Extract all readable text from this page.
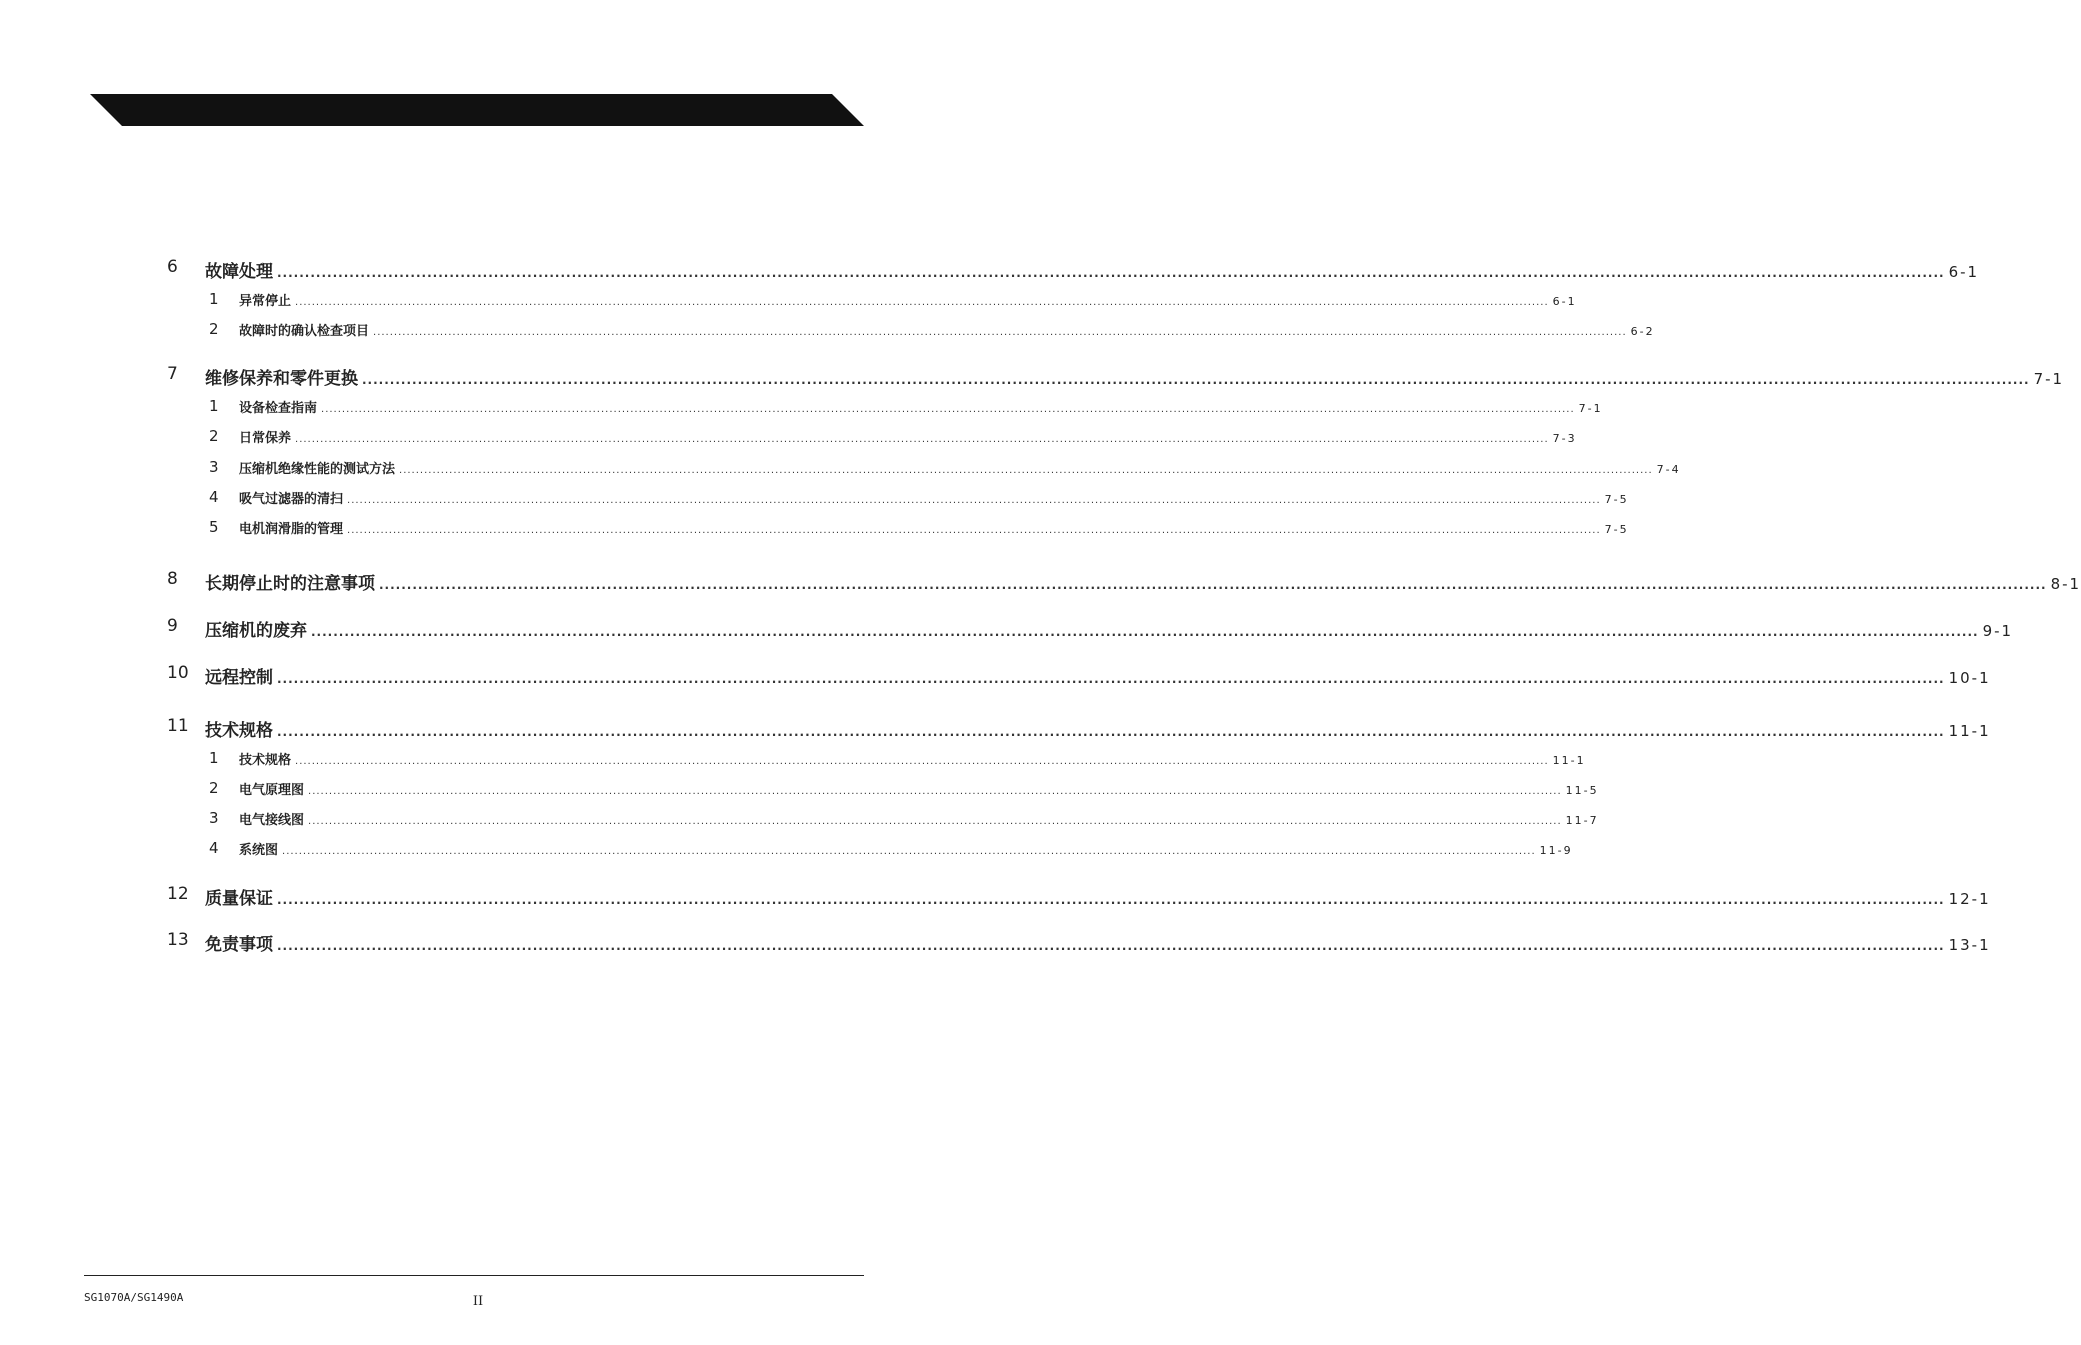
6 故障处理 ............................................................................................................................................................................................................................................................................................................ 6-1
1 异常停止 ............................................................................................................................................................................................................................................................................................................ 6-1
2 故障时的确认检查项目 ............................................................................................................................................................................................................................................................................................................ 6-2
7 维修保养和零件更换 ............................................................................................................................................................................................................................................................................................................ 7-1
1 设备检查指南 ............................................................................................................................................................................................................................................................................................................ 7-1
2 日常保养 ............................................................................................................................................................................................................................................................................................................ 7-3
3 压缩机绝缘性能的测试方法 ............................................................................................................................................................................................................................................................................................................ 7-4
4 吸气过滤器的清扫 ............................................................................................................................................................................................................................................................................................................ 7-5
5 电机润滑脂的管理 ............................................................................................................................................................................................................................................................................................................ 7-5
8 长期停止时的注意事项 ............................................................................................................................................................................................................................................................................................................ 8-1
9 压缩机的废弃 ............................................................................................................................................................................................................................................................................................................ 9-1
10 远程控制 ............................................................................................................................................................................................................................................................................................................ 10-1
11 技术规格 ............................................................................................................................................................................................................................................................................................................ 11-1
1 技术规格 ............................................................................................................................................................................................................................................................................................................ 11-1
2 电气原理图 ............................................................................................................................................................................................................................................................................................................ 11-5
3 电气接线图 ............................................................................................................................................................................................................................................................................................................ 11-7
4 系统图 ............................................................................................................................................................................................................................................................................................................ 11-9
12 质量保证 ............................................................................................................................................................................................................................................................................................................ 12-1
13 免责事项 ............................................................................................................................................................................................................................................................................................................ 13-1
SG1070A/SG1490A	II
